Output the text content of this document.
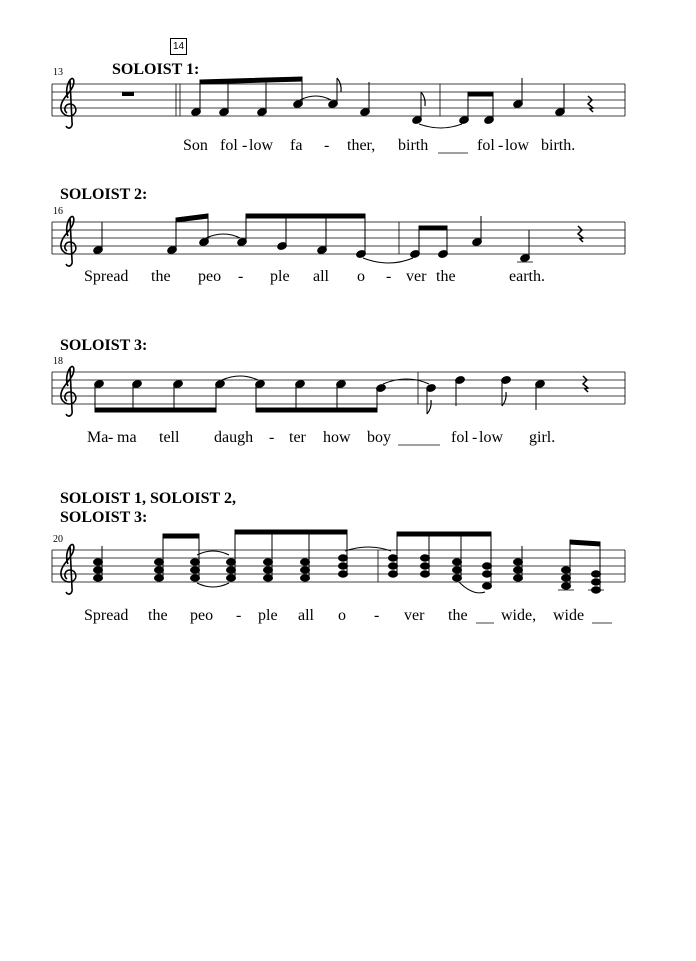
14
13	SOLOIST 1:
SOLOIST 2:
16
SOLOIST 3:
18
SOLOIST 1, SOLOIST 2,
SOLOIST 3:
20
Son fol - low fa - ther, birth	fol - low birth.
Spread the peo - ple all o - ver the	earth.
Ma - ma tell daugh - ter how boy	fol - low girl.
Spread the peo - ple all o - ver the wide, wide
